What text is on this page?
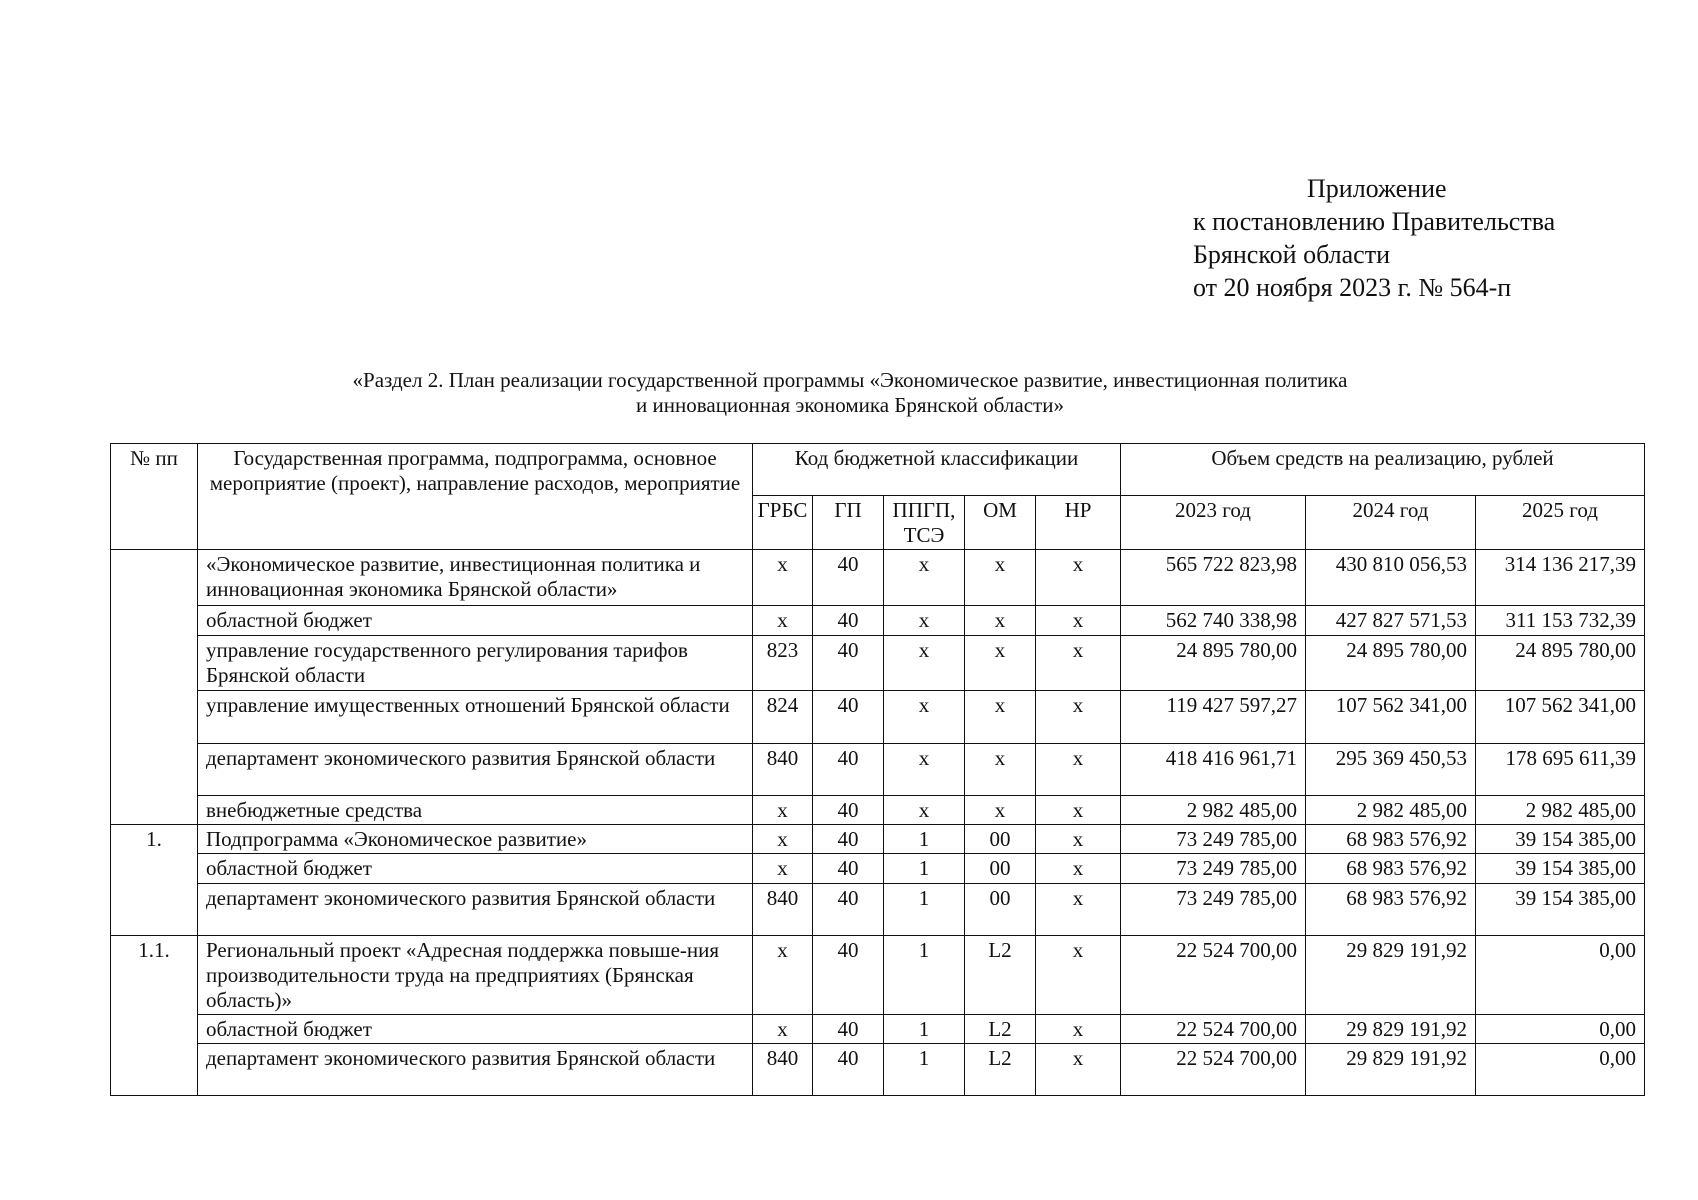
Приложение
к постановлению Правительства
Брянской области
от 20 ноября 2023 г. № 564-п
«Раздел 2. План реализации государственной программы «Экономическое развитие, инвестиционная политика
и инновационная экономика Брянской области»
№ пп	Государственная программа, подпрограмма, основное мероприятие (проект), направление расходов, мероприятие	Код бюджетной классификации					Объем средств на реализацию, рублей		
		ГРБС	ГП	ППГП, ТСЭ	ОМ	НР	2023 год	2024 год	2025 год
	«Экономическое развитие, инвестиционная политика и инновационная экономика Брянской области»	х	40	х	х	х	565 722 823,98	430 810 056,53	314 136 217,39
	областной бюджет	х	40	х	х	х	562 740 338,98	427 827 571,53	311 153 732,39
	управление государственного регулирования тарифов Брянской области	823	40	х	х	х	24 895 780,00	24 895 780,00	24 895 780,00
	управление имущественных отношений Брянской области	824	40	х	х	х	119 427 597,27	107 562 341,00	107 562 341,00
	департамент экономического развития Брянской области	840	40	х	х	х	418 416 961,71	295 369 450,53	178 695 611,39
	внебюджетные средства	х	40	х	х	х	2 982 485,00	2 982 485,00	2 982 485,00
1.	Подпрограмма «Экономическое развитие»	х	40	1	00	х	73 249 785,00	68 983 576,92	39 154 385,00
	областной бюджет	х	40	1	00	х	73 249 785,00	68 983 576,92	39 154 385,00
	департамент экономического развития Брянской области	840	40	1	00	х	73 249 785,00	68 983 576,92	39 154 385,00
1.1.	Региональный проект «Адресная поддержка повыше-ния производительности труда на предприятиях (Брянская область)»	х	40	1	L2	х	22 524 700,00	29 829 191,92	0,00
	областной бюджет	х	40	1	L2	х	22 524 700,00	29 829 191,92	0,00
	департамент экономического развития Брянской области	840	40	1	L2	х	22 524 700,00	29 829 191,92	0,00
